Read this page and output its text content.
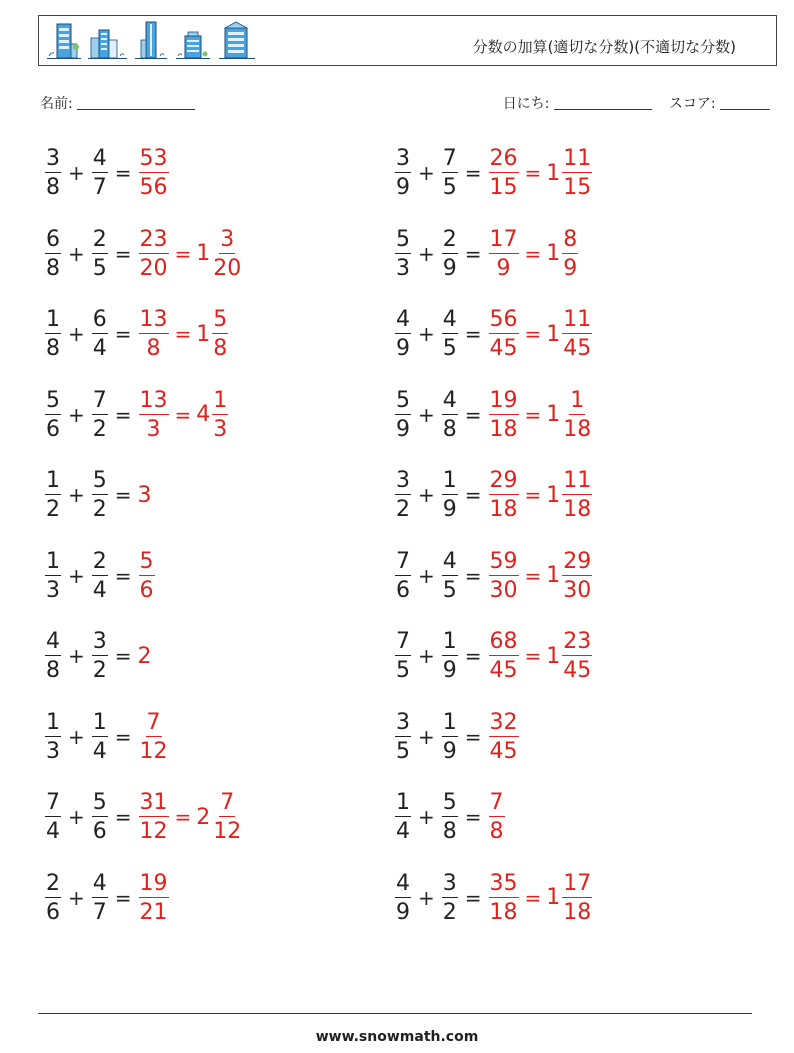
分数の加算(適切な分数)(不適切な分数)
名前:	日にち:	スコア:
$\frac{3}{8} + \frac{4}{7} = \frac{53}{56}$
$\frac{6}{8} + \frac{2}{5} = \frac{23}{20} = 1 \frac{3}{20}$
$\frac{1}{8} + \frac{6}{4} = \frac{13}{8} = 1 \frac{5}{8}$
$\frac{5}{6} + \frac{7}{2} = \frac{13}{3} = 4 \frac{1}{3}$
$\frac{1}{2} + \frac{5}{2} = 3$
$\frac{1}{3} + \frac{2}{4} = \frac{5}{6}$
$\frac{4}{8} + \frac{3}{2} = 2$
$\frac{1}{3} + \frac{1}{4} = \frac{7}{12}$
$\frac{7}{4} + \frac{5}{6} = \frac{31}{12} = 2 \frac{7}{12}$
$\frac{2}{6} + \frac{4}{7} = \frac{19}{21}$
$\frac{3}{9} + \frac{7}{5} = \frac{26}{15} = 1 \frac{11}{15}$
$\frac{5}{3} + \frac{2}{9} = \frac{17}{9} = 1 \frac{8}{9}$
$\frac{4}{9} + \frac{4}{5} = \frac{56}{45} = 1 \frac{11}{45}$
$\frac{5}{9} + \frac{4}{8} = \frac{19}{18} = 1 \frac{1}{18}$
$\frac{3}{2} + \frac{1}{9} = \frac{29}{18} = 1 \frac{11}{18}$
$\frac{7}{6} + \frac{4}{5} = \frac{59}{30} = 1 \frac{29}{30}$
$\frac{7}{5} + \frac{1}{9} = \frac{68}{45} = 1 \frac{23}{45}$
$\frac{3}{5} + \frac{1}{9} = \frac{32}{45}$
$\frac{1}{4} + \frac{5}{8} = \frac{7}{8}$
$\frac{4}{9} + \frac{3}{2} = \frac{35}{18} = 1 \frac{17}{18}$
www.snowmath.com
